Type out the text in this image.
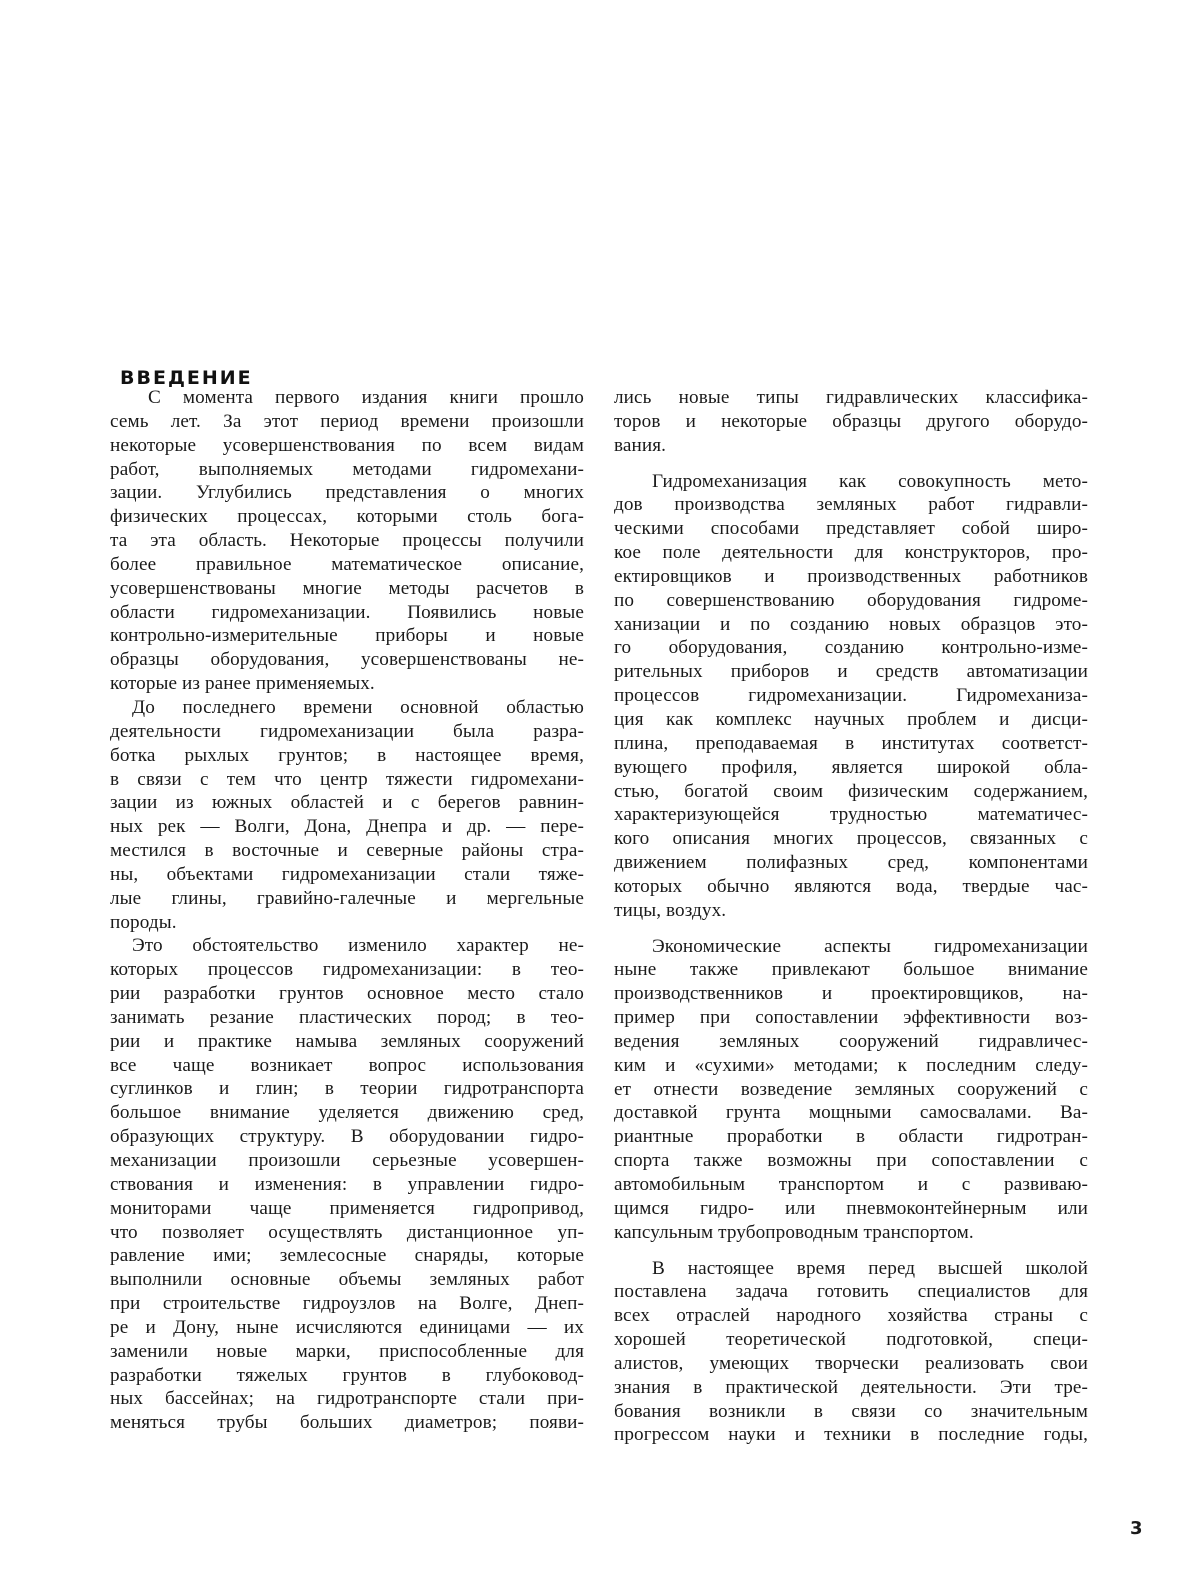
ВВЕДЕНИЕ
С момента первого издания книги прошло
семь лет. За этот период времени произошли
некоторые усовершенствования по всем видам
работ, выполняемых методами гидромехани-
зации. Углубились представления о многих
физических процессах, которыми столь бога-
та эта область. Некоторые процессы получили
более правильное математическое описание,
усовершенствованы многие методы расчетов в
области гидромеханизации. Появились новые
контрольно-измерительные приборы и новые
образцы оборудования, усовершенствованы не-
которые из ранее применяемых.
До последнего времени основной областью
деятельности гидромеханизации была разра-
ботка рыхлых грунтов; в настоящее время,
в связи с тем что центр тяжести гидромехани-
зации из южных областей и с берегов равнин-
ных рек — Волги, Дона, Днепра и др. — пере-
местился в восточные и северные районы стра-
ны, объектами гидромеханизации стали тяже-
лые глины, гравийно-галечные и мергельные
породы.
Это обстоятельство изменило характер не-
которых процессов гидромеханизации: в тео-
рии разработки грунтов основное место стало
занимать резание пластических пород; в тео-
рии и практике намыва земляных сооружений
все чаще возникает вопрос использования
суглинков и глин; в теории гидротранспорта
большое внимание уделяется движению сред,
образующих структуру. В оборудовании гидро-
механизации произошли серьезные усовершен-
ствования и изменения: в управлении гидро-
мониторами чаще применяется гидропривод,
что позволяет осуществлять дистанционное уп-
равление ими; землесосные снаряды, которые
выполнили основные объемы земляных работ
при строительстве гидроузлов на Волге, Днеп-
ре и Дону, ныне исчисляются единицами — их
заменили новые марки, приспособленные для
разработки тяжелых грунтов в глубоковод-
ных бассейнах; на гидротранспорте стали при-
меняться трубы больших диаметров; появи-
лись новые типы гидравлических классифика-
торов и некоторые образцы другого оборудо-
вания.
Гидромеханизация как совокупность мето-
дов производства земляных работ гидравли-
ческими способами представляет собой широ-
кое поле деятельности для конструкторов, про-
ектировщиков и производственных работников
по совершенствованию оборудования гидроме-
ханизации и по созданию новых образцов это-
го оборудования, созданию контрольно-изме-
рительных приборов и средств автоматизации
процессов гидромеханизации. Гидромеханиза-
ция как комплекс научных проблем и дисци-
плина, преподаваемая в институтах соответст-
вующего профиля, является широкой обла-
стью, богатой своим физическим содержанием,
характеризующейся трудностью математичес-
кого описания многих процессов, связанных с
движением полифазных сред, компонентами
которых обычно являются вода, твердые час-
тицы, воздух.
Экономические аспекты гидромеханизации
ныне также привлекают большое внимание
производственников и проектировщиков, на-
пример при сопоставлении эффективности воз-
ведения земляных сооружений гидравличес-
ким и «сухими» методами; к последним следу-
ет отнести возведение земляных сооружений с
доставкой грунта мощными самосвалами. Ва-
риантные проработки в области гидротран-
спорта также возможны при сопоставлении с
автомобильным транспортом и с развиваю-
щимся гидро- или пневмоконтейнерным или
капсульным трубопроводным транспортом.
В настоящее время перед высшей школой
поставлена задача готовить специалистов для
всех отраслей народного хозяйства страны с
хорошей теоретической подготовкой, специ-
алистов, умеющих творчески реализовать свои
знания в практической деятельности. Эти тре-
бования возникли в связи со значительным
прогрессом науки и техники в последние годы,
3
